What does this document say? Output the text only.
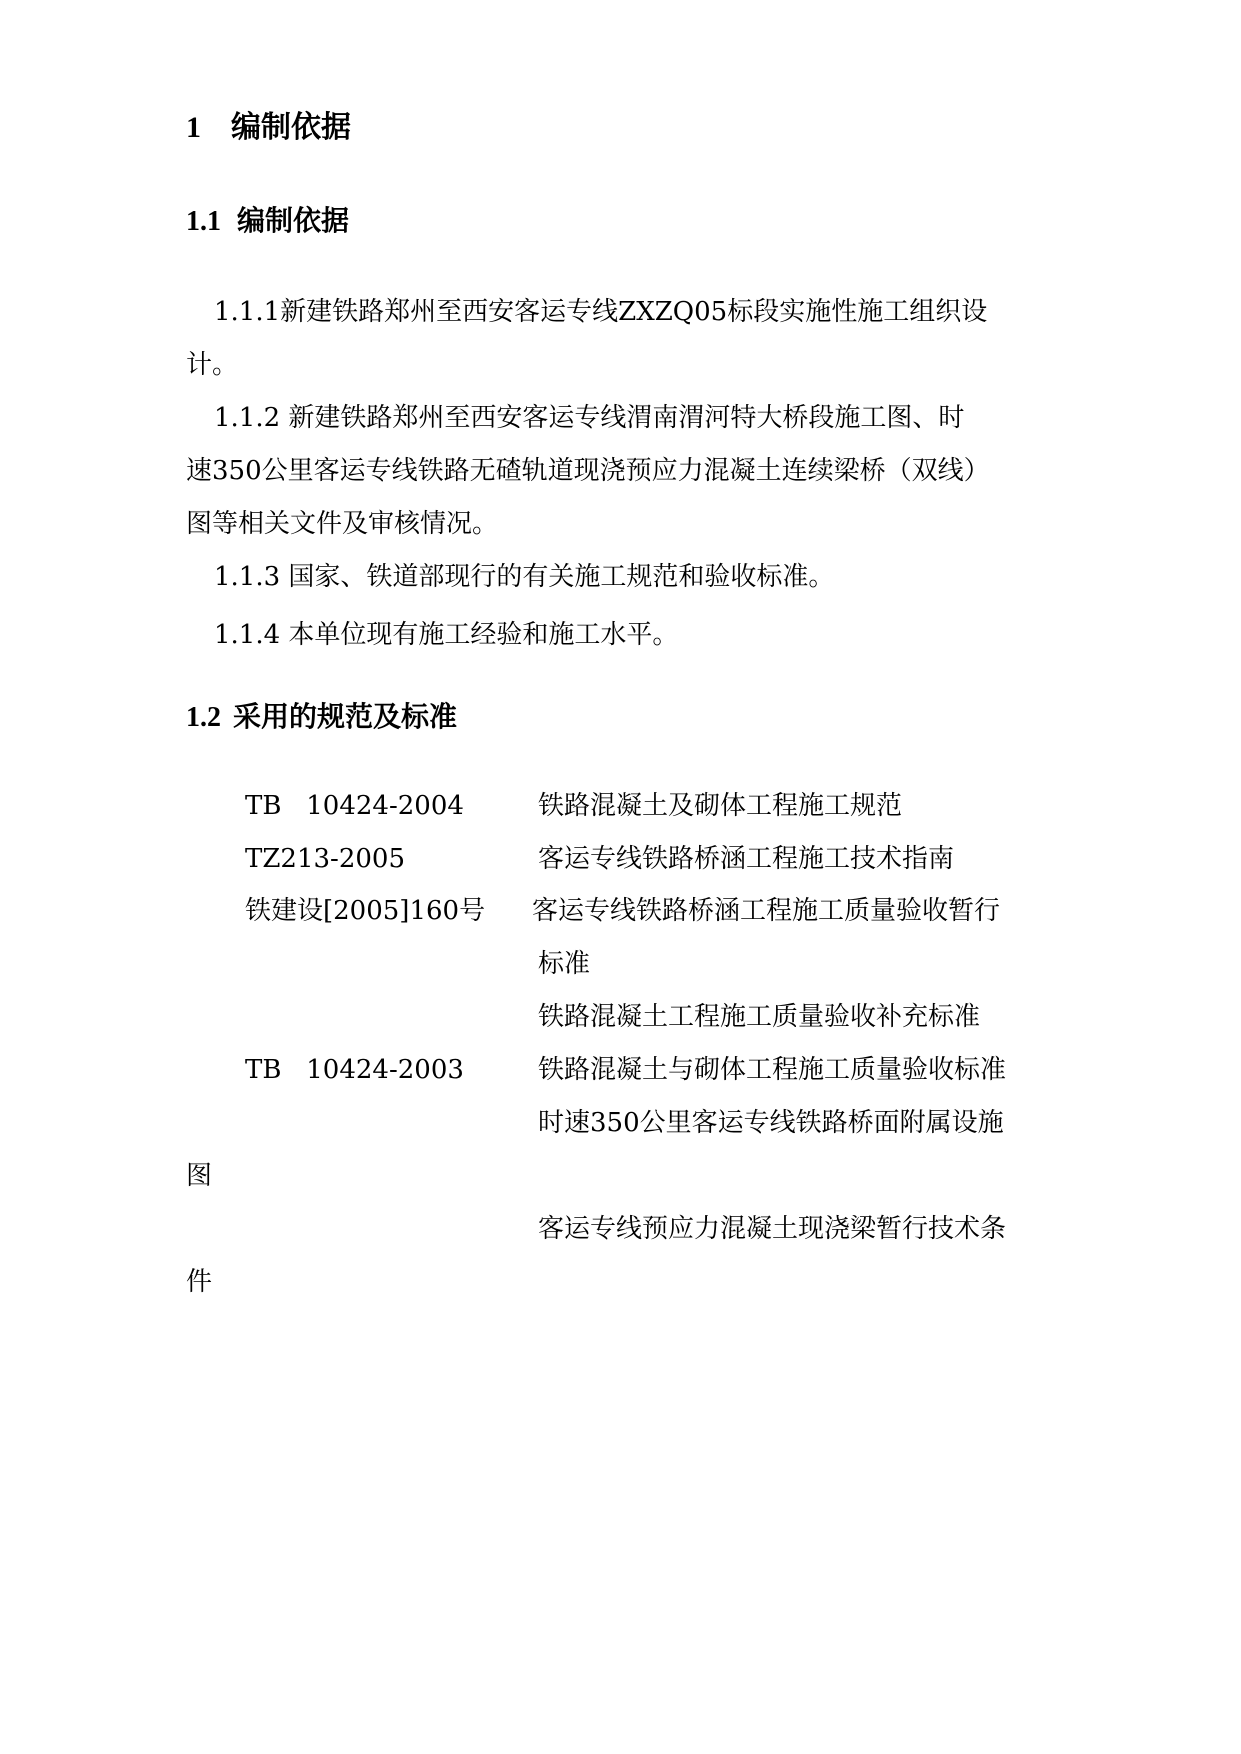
1 编制依据
1.1 编制依据
1.1.1新建铁路郑州至西安客运专线ZXZQ05标段实施性施工组织设
计。
1.1.2 新建铁路郑州至西安客运专线渭南渭河特大桥段施工图、时
速350公里客运专线铁路无碴轨道现浇预应力混凝土连续梁桥（双线）
图等相关文件及审核情况。
1.1.3 国家、铁道部现行的有关施工规范和验收标准。
1.1.4 本单位现有施工经验和施工水平。
1.2 采用的规范及标准
TB   10424-2004	铁路混凝土及砌体工程施工规范
TZ213-2005	客运专线铁路桥涵工程施工技术指南
铁建设[2005]160号 客运专线铁路桥涵工程施工质量验收暂行
标准
铁路混凝土工程施工质量验收补充标准
TB   10424-2003	铁路混凝土与砌体工程施工质量验收标准
时速350公里客运专线铁路桥面附属设施
图
客运专线预应力混凝土现浇梁暂行技术条
件
